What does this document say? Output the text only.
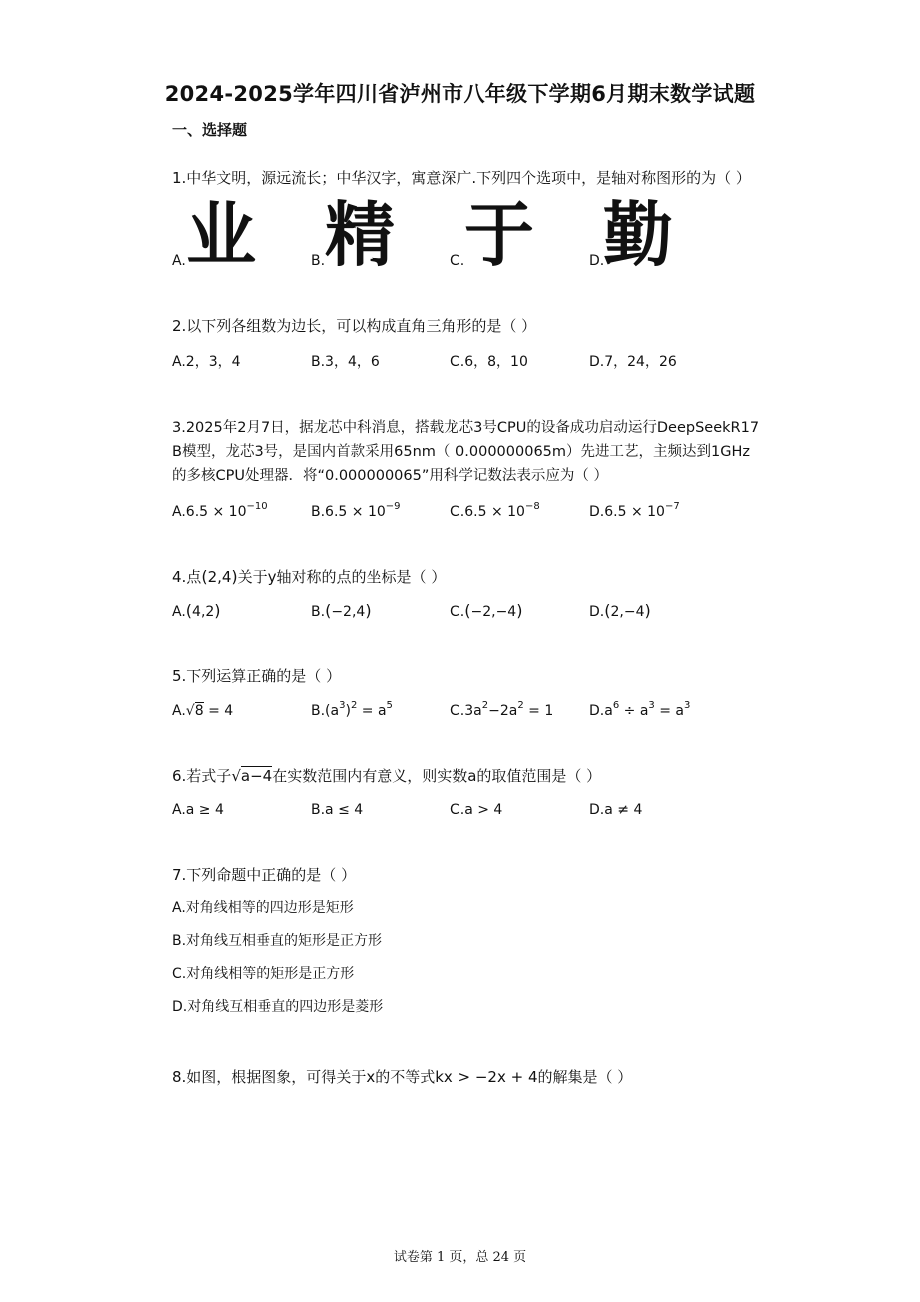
2024-2025学年四川省泸州市八年级下学期6月期末数学试题
一、选择题
1.中华文明，源远流长；中华汉字，寓意深广.下列四个选项中，是轴对称图形的为（ ）
A. 业	B. 精	C. 于	D.
勤
2.以下列各组数为边长，可以构成直角三角形的是（ ）
A.2，3，4	B.3，4，6	C.6，8，10	D.7，24，26
3.2025年2月7日，据龙芯中科消息，搭载龙芯3号CPU的设备成功启动运行DeepSeekR17
B模型，龙芯3号，是国内首款采用65nm（ 0.000000065m）先进工艺，主频达到1GHz
的多核CPU处理器．将“0.000000065”用科学记数法表示应为（ ）
$A.6.5 \times 10^{-10}$	$B.6.5 \times 10^{-9}$	$C.6.5 \times 10^{-8}$	$D.6.5 \times 10^{-7}$
4.点(2,4)关于y轴对称的点的坐标是（ ）
A.(4,2)	B.(−2,4)	C.(−2,−4)	D.(2,−4)
5.下列运算正确的是（ ）
A.√8 = 4	$B.(a^3)^2 = a^5$	$C.3a^2-2a^2 = 1$	$D.a^6 \div a^3 = a^3$
6.若式子√a−4在实数范围内有意义，则实数a的取值范围是（ ）
A.a ≥ 4	B.a ≤ 4	C.a > 4	D.a ≠ 4
7.下列命题中正确的是（ ）
A.对角线相等的四边形是矩形
B.对角线互相垂直的矩形是正方形
C.对角线相等的矩形是正方形
D.对角线互相垂直的四边形是菱形
8.如图，根据图象，可得关于x的不等式kx > −2x + 4的解集是（ ）
试卷第 1 页，总 24 页
